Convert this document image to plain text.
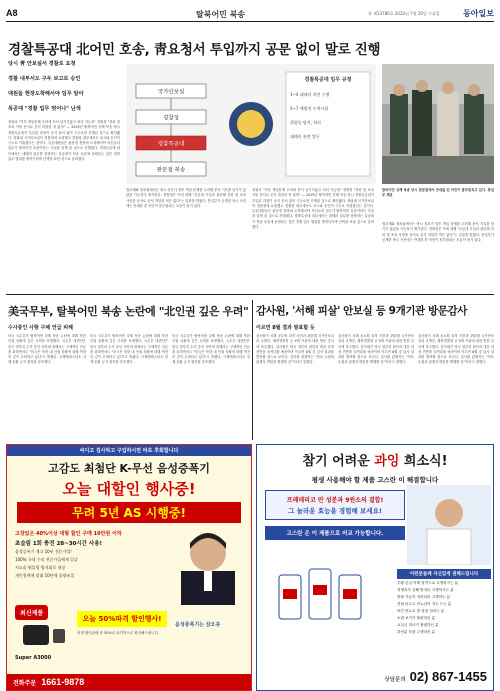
A8	탈북어민 북송	통 제13780호 2022년 7월 20일 수요일	동아일보
경찰특공대 北어민 호송, 靑요청서 투입까지 공문 없이 말로 진행
당시 靑 안보실서 경찰로 요청
경찰 내부서도 구두 보고로 승인
대원들 현장도착해서야 임무 알아
특공대 "경찰 업무 벗어나" 난색
정권의 "이후 책임문제 우려에 문서 남기지않고 처리 가능성" 경찰청 "전파 및 조치 사항 문서로 공식 하달한 적 없어" — 2019년 탈북어민 강제 북송 당시 경찰특공대가 투입된 과정이 공식 문서 없이 구두로만 진행된 것으로 확인됐다. 청와대 국가안보실이 경찰청에 요청했고 경찰청 내부에서도 보고와 승인이 구두로 이뤄졌다는 것이다. 특공대원들은 판문점 현장에 도착해서야 자신들의 임무가 탈북어민 호송이라는 사실을 알게 된 것으로 전해졌다. 경찰특공대 내부에서는 대테러 업무를 담당하는 특공대가 북송 호송에 동원되는 것은 경찰 업무 범위를 벗어난다며 난색을 표한 것으로 알려졌다.
국가안보실
경찰청
경찰특공대
판문점 북송
경찰특공대 임무 규정
1~4 대테러 작전 수행
5~7 예방적 무력시위
위험물 탐지, 처리
대테러 관련 업무
법조계와 정치권에서는 당시 정부가 향후 책임 문제를 우려해 문서 기록을 남기지 않았을 가능성이 제기된다. 경찰청은 이에 대해 "특공대 투입과 관련해 전파 및 조치 사항을 문서로 공식 하달한 적은 없다"는 입장을 밝혔다. 통일부가 공개한 당시 사진에는 안대를 쓴 어민이 몸부림치는 모습이 담겨 있다.
정권의 "이후 책임문제 우려에 문서 남기지않고 처리 가능성" 경찰청 "전파 및 조치 사항 문서로 공식 하달한 적 없어" — 2019년 탈북어민 강제 북송 당시 경찰특공대가 투입된 과정이 공식 문서 없이 구두로만 진행된 것으로 확인됐다. 청와대 국가안보실이 경찰청에 요청했고 경찰청 내부에서도 보고와 승인이 구두로 이뤄졌다는 것이다. 특공대원들은 판문점 현장에 도착해서야 자신들의 임무가 탈북어민 호송이라는 사실을 알게 된 것으로 전해졌다. 경찰특공대 내부에서는 대테러 업무를 담당하는 특공대가 북송 호송에 동원되는 것은 경찰 업무 범위를 벗어난다며 난색을 표한 것으로 알려졌다.
탈북어민 강제 북송 당시 판문점에서 안대를 쓴 어민이 몸부림치고 있다. 통일부 제공
법조계와 정치권에서는 당시 정부가 향후 책임 문제를 우려해 문서 기록을 남기지 않았을 가능성이 제기된다. 경찰청은 이에 대해 "특공대 투입과 관련해 전파 및 조치 사항을 문서로 공식 하달한 적은 없다"는 입장을 밝혔다. 통일부가 공개한 당시 사진에는 안대를 쓴 어민이 몸부림치는 모습이 담겨 있다.
美국무부, 탈북어민 북송 논란에 "北인권 깊은 우려"
수사중인 사항 구체 언급 피해
미국 국무부가 탈북어민 강제 북송 논란에 대해 북한 인권 상황에 깊은 우려를 표명했다. 국무부 대변인은 한국 정부의 수사 중인 사안에 대해서는 구체적인 언급을 피하면서도 "미국은 북한 내 인권 상황에 대해 여전히 깊이 우려하고 있다"고 밝혔다. 국제앰네스티도 강제 송환 금지 원칙을 강조했다.
미국 국무부가 탈북어민 강제 북송 논란에 대해 북한 인권 상황에 깊은 우려를 표명했다. 국무부 대변인은 한국 정부의 수사 중인 사안에 대해서는 구체적인 언급을 피하면서도 "미국은 북한 내 인권 상황에 대해 여전히 깊이 우려하고 있다"고 밝혔다. 국제앰네스티도 강제 송환 금지 원칙을 강조했다.
미국 국무부가 탈북어민 강제 북송 논란에 대해 북한 인권 상황에 깊은 우려를 표명했다. 국무부 대변인은 한국 정부의 수사 중인 사안에 대해서는 구체적인 언급을 피하면서도 "미국은 북한 내 인권 상황에 대해 여전히 깊이 우려하고 있다"고 밝혔다. 국제앰네스티도 강제 송환 금지 원칙을 강조했다.
감사원, '서해 피살' 안보실 등 9개기관 방문감사
이르면 8월 결과 발표할 듯
감사원이 서해 공무원 피격 사건과 관련해 국가안보실과 국방부, 해양경찰청 등 9개 기관에 대한 방문 감사에 착수했다. 감사원은 당시 정부의 판단과 대응 과정 전반을 들여다볼 예정이며 이르면 8월 중 감사 결과를 발표할 것으로 보인다. 감사원 관계자는 "자료 수집과 관계자 면담을 병행할 것"이라고 말했다.
감사원이 서해 공무원 피격 사건과 관련해 국가안보실과 국방부, 해양경찰청 등 9개 기관에 대한 방문 감사에 착수했다. 감사원은 당시 정부의 판단과 대응 과정 전반을 들여다볼 예정이며 이르면 8월 중 감사 결과를 발표할 것으로 보인다. 감사원 관계자는 "자료 수집과 관계자 면담을 병행할 것"이라고 말했다.
감사원이 서해 공무원 피격 사건과 관련해 국가안보실과 국방부, 해양경찰청 등 9개 기관에 대한 방문 감사에 착수했다. 감사원은 당시 정부의 판단과 대응 과정 전반을 들여다볼 예정이며 이르면 8월 중 감사 결과를 발표할 것으로 보인다. 감사원 관계자는 "자료 수집과 관계자 면담을 병행할 것"이라고 말했다.
씨디고 검사하고 구입하시면 바로 후회합니다
고감도 최첨단 K-무선 음성증폭기
오늘 대할인 행사중!
무려 5년 AS 시행중!
고장있은 40%이상 대형 할인 구매 10만원 이하
초슬림 1회 충전 28~30시간 사용!
음성증폭기 재고 10년 전문가업!
100% 국내 수리 전문가들에게 입증
저소음 워블링 방지회로 내장
개인청력에 맞춰 10단계 음량조절
최신제품
Super A3000
오늘 50%파격 할인행사!
현재 할인판매 중 50%로 파격적으로 할인해드립니다
음성증폭기는 삼오큐
전화주문 1661-9878
참기 어려운 과잉 희소식!
평생 사용해야 할 제품 고스란 이 해결합니다
프레데리코 안 성분과 9원소의 결합!
그 놀라운 효능을 경험해 보세요!
고스란 은 이 제품으로 비교 가능합니다.
이런분들께 자신있게 권해드립니다
우황·콘일 억제 알약으로 고생하시는 분
저생리가 심해 방지로 고생하시는 분
방광 기능이 저하되어 고생하는 분
전립 마르고 잔뇨감이 자주 드는 분
야간 빈뇨로 밤 잠을 설치는 분
소변 보기가 불편하신 분
요실금 하나가 불편하신 분
과산분 포함 고생하신 분
상담문의 02) 867-1455
